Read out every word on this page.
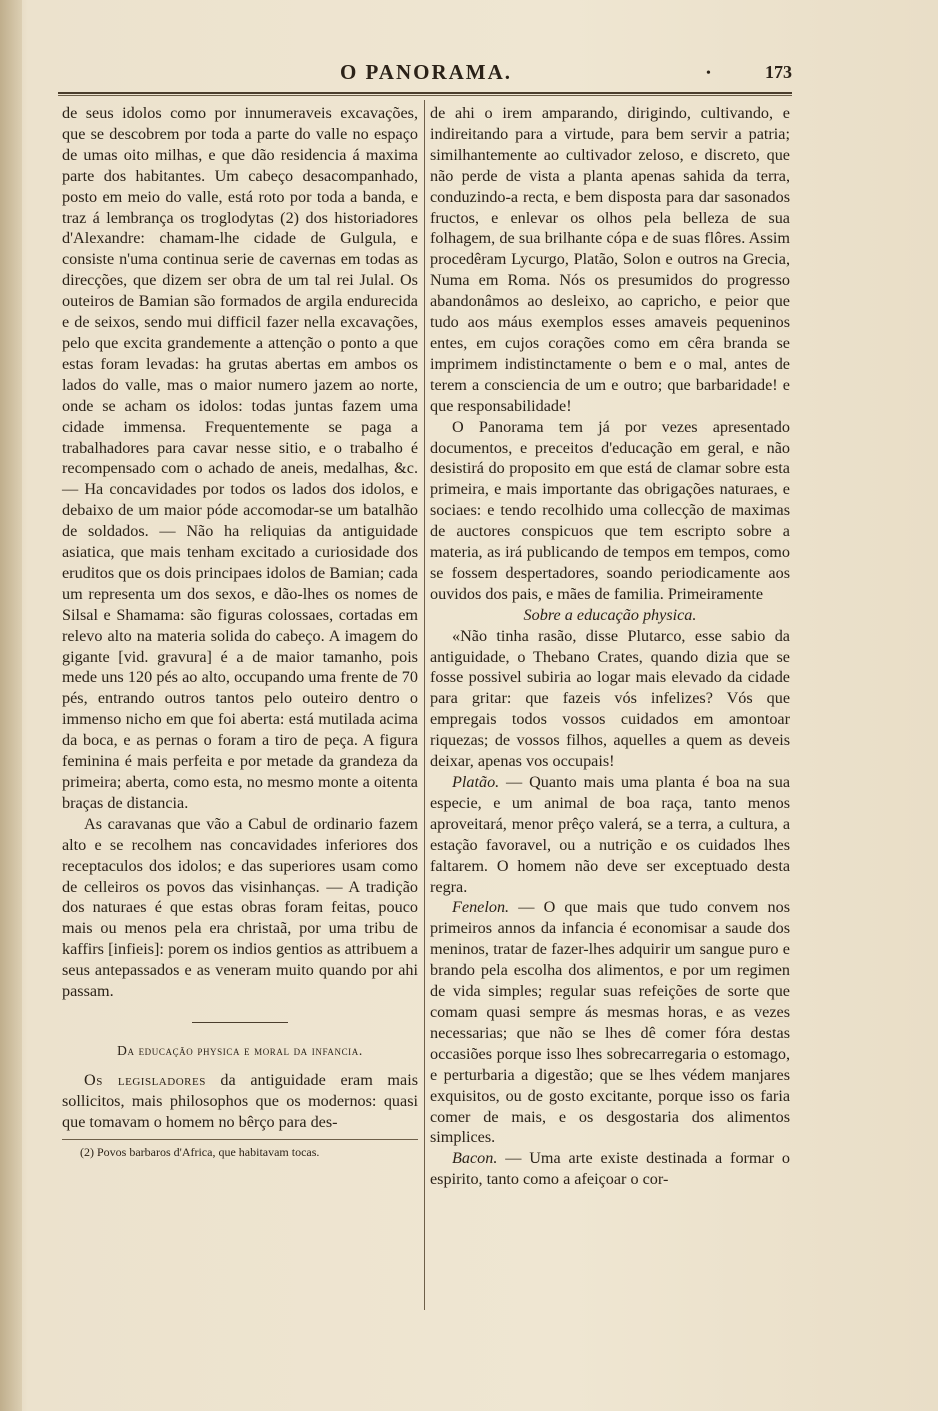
O PANORAMA.	•	173

de seus idolos como por innumeraveis excavações, que se descobrem por toda a parte do valle no espaço de umas oito milhas, e que dão residencia á maxima parte dos habitantes. Um cabeço desacompanhado, posto em meio do valle, está roto por toda a banda, e traz á lembrança os troglodytas (2) dos historiadores d'Alexandre: chamam-lhe cidade de Gulgula, e consiste n'uma continua serie de cavernas em todas as direcções, que dizem ser obra de um tal rei Julal. Os outeiros de Bamian são formados de argila endurecida e de seixos, sendo mui difficil fazer nella excavações, pelo que excita grandemente a attenção o ponto a que estas foram levadas: ha grutas abertas em ambos os lados do valle, mas o maior numero jazem ao norte, onde se acham os idolos: todas juntas fazem uma cidade immensa. Frequentemente se paga a trabalhadores para cavar nesse sitio, e o trabalho é recompensado com o achado de aneis, medalhas, &c. — Ha concavidades por todos os lados dos idolos, e debaixo de um maior póde accomodar-se um batalhão de soldados. — Não ha reliquias da antiguidade asiatica, que mais tenham excitado a curiosidade dos eruditos que os dois principaes idolos de Bamian; cada um representa um dos sexos, e dão-lhes os nomes de Silsal e Shamama: são figuras colossaes, cortadas em relevo alto na materia solida do cabeço. A imagem do gigante [vid. gravura] é a de maior tamanho, pois mede uns 120 pés ao alto, occupando uma frente de 70 pés, entrando outros tantos pelo outeiro dentro o immenso nicho em que foi aberta: está mutilada acima da boca, e as pernas o foram a tiro de peça. A figura feminina é mais perfeita e por metade da grandeza da primeira; aberta, como esta, no mesmo monte a oitenta braças de distancia.

As caravanas que vão a Cabul de ordinario fazem alto e se recolhem nas concavidades inferiores dos receptaculos dos idolos; e das superiores usam como de celleiros os povos das visinhanças. — A tradição dos naturaes é que estas obras foram feitas, pouco mais ou menos pela era christaã, por uma tribu de kaffirs [infieis]: porem os indios gentios as attribuem a seus antepassados e as veneram muito quando por ahi passam.

Da educação physica e moral da infancia.

Os legisladores da antiguidade eram mais sollicitos, mais philosophos que os modernos: quasi que tomavam o homem no bêrço para des-

(2) Povos barbaros d'Africa, que habitavam tocas.

de ahi o irem amparando, dirigindo, cultivando, e indireitando para a virtude, para bem servir a patria; similhantemente ao cultivador zeloso, e discreto, que não perde de vista a planta apenas sahida da terra, conduzindo-a recta, e bem disposta para dar sasonados fructos, e enlevar os olhos pela belleza de sua folhagem, de sua brilhante cópa e de suas flôres. Assim procedêram Lycurgo, Platão, Solon e outros na Grecia, Numa em Roma. Nós os presumidos do progresso abandonâmos ao desleixo, ao capricho, e peior que tudo aos máus exemplos esses amaveis pequeninos entes, em cujos corações como em cêra branda se imprimem indistinctamente o bem e o mal, antes de terem a consciencia de um e outro; que barbaridade! e que responsabilidade!

O Panorama tem já por vezes apresentado documentos, e preceitos d'educação em geral, e não desistirá do proposito em que está de clamar sobre esta primeira, e mais importante das obrigações naturaes, e sociaes: e tendo recolhido uma collecção de maximas de auctores conspicuos que tem escripto sobre a materia, as irá publicando de tempos em tempos, como se fossem despertadores, soando periodicamente aos ouvidos dos pais, e mães de familia. Primeiramente

Sobre a educação physica.

«Não tinha rasão, disse Plutarco, esse sabio da antiguidade, o Thebano Crates, quando dizia que se fosse possivel subiria ao logar mais elevado da cidade para gritar: que fazeis vós infelizes? Vós que empregais todos vossos cuidados em amontoar riquezas; de vossos filhos, aquelles a quem as deveis deixar, apenas vos occupais!

Platão. — Quanto mais uma planta é boa na sua especie, e um animal de boa raça, tanto menos aproveitará, menor prêço valerá, se a terra, a cultura, a estação favoravel, ou a nutrição e os cuidados lhes faltarem. O homem não deve ser exceptuado desta regra.

Fenelon. — O que mais que tudo convem nos primeiros annos da infancia é economisar a saude dos meninos, tratar de fazer-lhes adquirir um sangue puro e brando pela escolha dos alimentos, e por um regimen de vida simples; regular suas refeições de sorte que comam quasi sempre ás mesmas horas, e as vezes necessarias; que não se lhes dê comer fóra destas occasiões porque isso lhes sobrecarregaria o estomago, e perturbaria a digestão; que se lhes védem manjares exquisitos, ou de gosto excitante, porque isso os faria comer de mais, e os desgostaria dos alimentos simplices.

Bacon. — Uma arte existe destinada a formar o espirito, tanto como a afeiçoar o cor-
